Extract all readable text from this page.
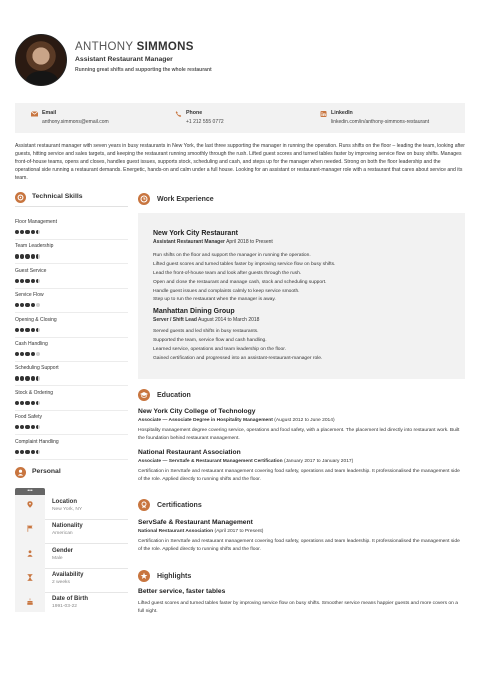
ANTHONY SIMMONS
Assistant Restaurant Manager
Running great shifts and supporting the whole restaurant
Email
anthony.simmons@email.com
Phone
+1 212 555 0772
LinkedIn
linkedin.com/in/anthony-simmons-restaurant
Assistant restaurant manager with seven years in busy restaurants in New York, the last three supporting the manager in running the operation. Runs shifts on the floor – leading the team, looking after guests, hitting service and sales targets, and keeping the restaurant running smoothly through the rush. Lifted guest scores and turned tables faster by improving service flow on busy shifts. Manages front-of-house teams, opens and closes, handles guest issues, supports stock, scheduling and cash, and steps up for the manager when needed. Strong on both the floor leadership and the operational side running a restaurant demands. Energetic, hands-on and calm under a full house. Looking for an assistant or restaurant-manager role with a restaurant that cares about service and its team.
Technical Skills
Floor Management
Team Leadership
Guest Service
Service Flow
Opening & Closing
Cash Handling
Scheduling Support
Stock & Ordering
Food Safety
Complaint Handling
Personal
•••
Location
New York, NY
Nationality
American
Gender
Male
Availability
2 weeks
Date of Birth
1991-03-22
Work Experience
New York City Restaurant
Assistant Restaurant Manager April 2018 to Present
Run shifts on the floor and support the manager in running the operation.
Lifted guest scores and turned tables faster by improving service flow on busy shifts.
Lead the front-of-house team and look after guests through the rush.
Open and close the restaurant and manage cash, stock and scheduling support.
Handle guest issues and complaints calmly to keep service smooth.
Step up to run the restaurant when the manager is away.
Manhattan Dining Group
Server / Shift Lead August 2014 to March 2018
Served guests and led shifts in busy restaurants.
Supported the team, service flow and cash handling.
Learned service, operations and team leadership on the floor.
Gained certification and progressed into an assistant-restaurant-manager role.
Education
New York City College of Technology
Associate — Associate Degree in Hospitality Management (August 2012 to June 2014)
Hospitality management degree covering service, operations and food safety, with a placement. The placement led directly into restaurant work. Built the foundation behind restaurant management.
National Restaurant Association
Associate — ServSafe & Restaurant Management Certification (January 2017 to January 2017)
Certification in ServSafe and restaurant management covering food safety, operations and team leadership. It professionalised the management side of the role. Applied directly to running shifts and the floor.
Certifications
ServSafe & Restaurant Management
National Restaurant Association (April 2017 to Present)
Certification in ServSafe and restaurant management covering food safety, operations and team leadership. It professionalised the management side of the role. Applied directly to running shifts and the floor.
Highlights
Better service, faster tables
Lifted guest scores and turned tables faster by improving service flow on busy shifts. Smoother service means happier guests and more covers on a full night.
